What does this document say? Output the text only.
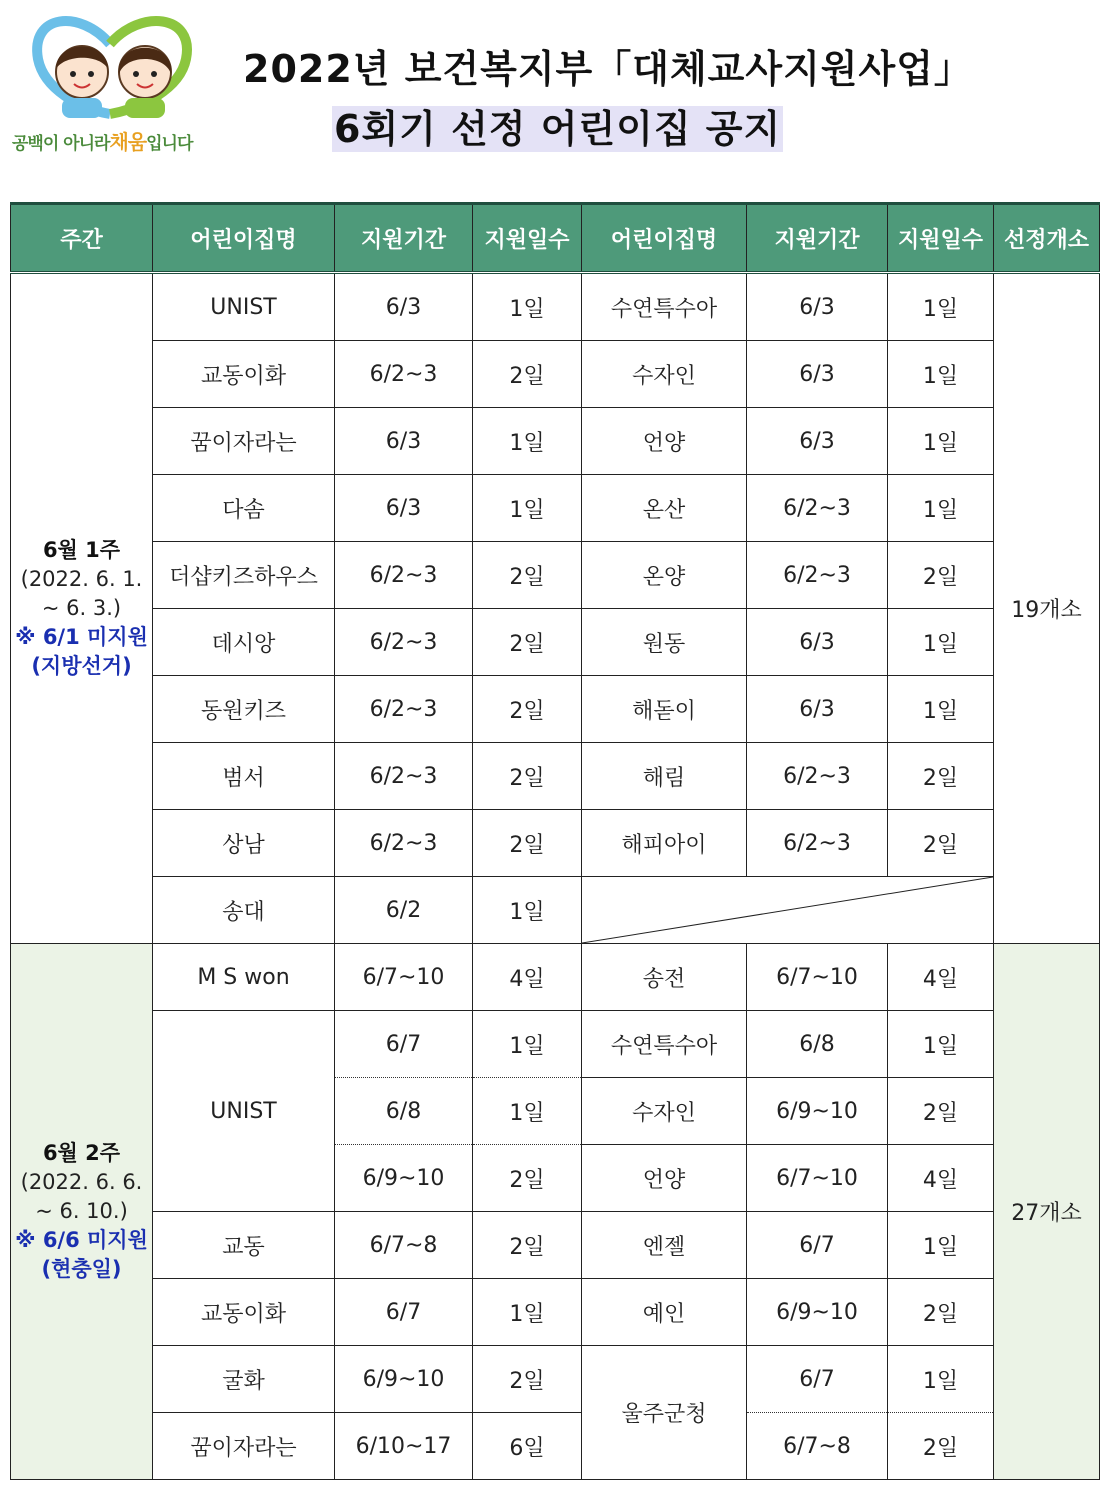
공백이 아니라채움입니다
2022년 보건복지부「대체교사지원사업」
6회기 선정 어린이집 공지
주간	어린이집명	지원기간	지원일수	어린이집명	지원기간	지원일수	선정개소

6월 1주
(2022. 6. 1. ~ 6. 3.)
※ 6/1 미지원 (지방선거)	UNIST	6/3	1일	수연특수아	6/3	1일	19개소
	교동이화	6/2~3	2일	수자인	6/3	1일	
	꿈이자라는	6/3	1일	언양	6/3	1일	
	다솜	6/3	1일	온산	6/2~3	1일	
	더샵키즈하우스	6/2~3	2일	온양	6/2~3	2일	
	데시앙	6/2~3	2일	원동	6/3	1일	
	동원키즈	6/2~3	2일	해돋이	6/3	1일	
	범서	6/2~3	2일	해림	6/2~3	2일	
	상남	6/2~3	2일	해피아이	6/2~3	2일	
	송대	6/2	1일	

6월 2주
(2022. 6. 6. ~ 6. 10.)
※ 6/6 미지원 (현충일)	M S won	6/7~10	4일	송전	6/7~10	4일	27개소
	UNIST	6/7	1일	수연특수아	6/8	1일	
		6/8	1일	수자인	6/9~10	2일	
		6/9~10	2일	언양	6/7~10	4일	
	교동	6/7~8	2일	엔젤	6/7	1일	
	교동이화	6/7	1일	예인	6/9~10	2일	
	굴화	6/9~10	2일	울주군청	6/7	1일	
	꿈이자라는	6/10~17	6일		6/7~8	2일	
